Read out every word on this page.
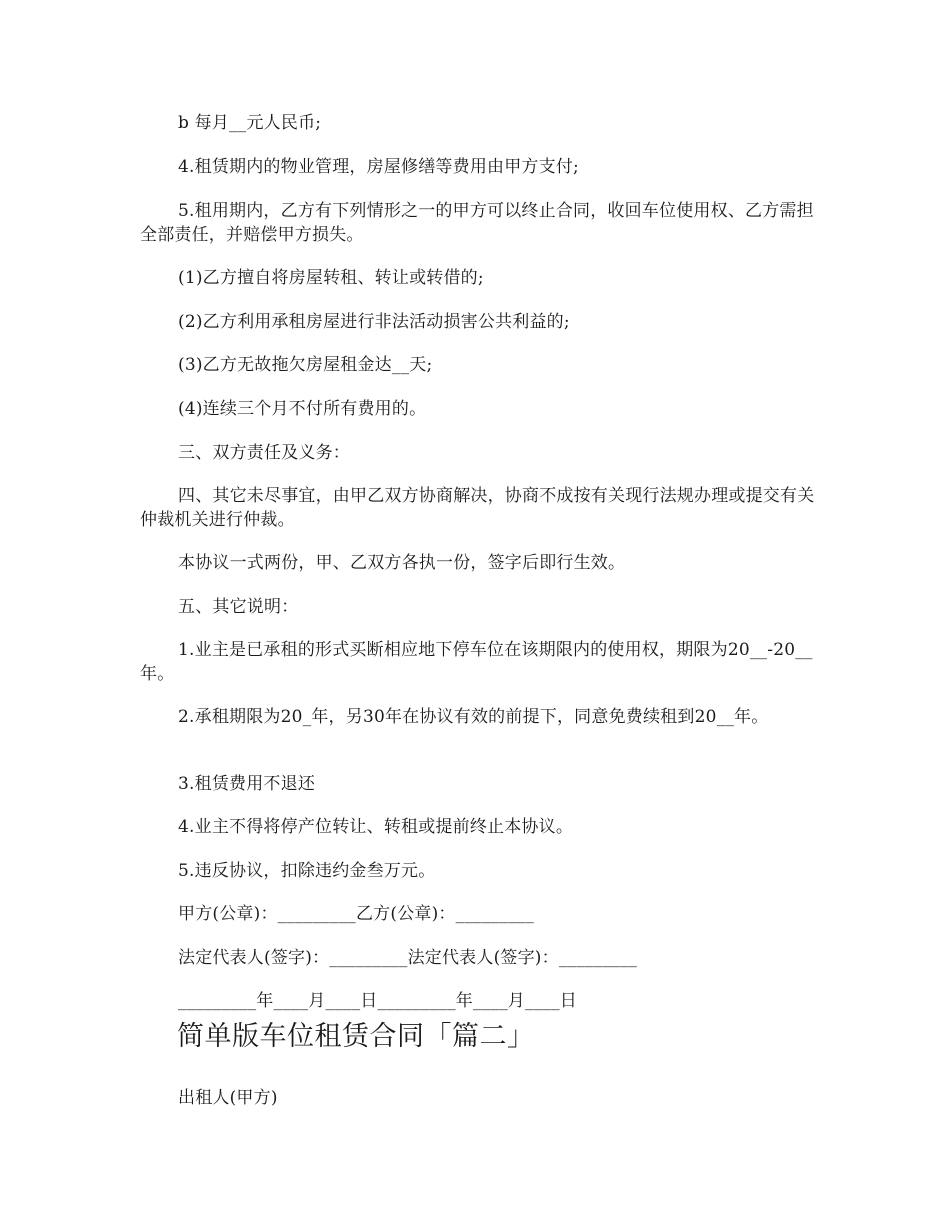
b 每月__元人民币;

4.租赁期内的物业管理，房屋修缮等费用由甲方支付;

5.租用期内，乙方有下列情形之一的甲方可以终止合同，收回车位使用权、乙方需担全部责任，并赔偿甲方损失。

(1)乙方擅自将房屋转租、转让或转借的;

(2)乙方利用承租房屋进行非法活动损害公共利益的;

(3)乙方无故拖欠房屋租金达__天;

(4)连续三个月不付所有费用的。

三、双方责任及义务：

四、其它未尽事宜，由甲乙双方协商解决，协商不成按有关现行法规办理或提交有关仲裁机关进行仲裁。

本协议一式两份，甲、乙双方各执一份，签字后即行生效。

五、其它说明：

1.业主是已承租的形式买断相应地下停车位在该期限内的使用权，期限为20__-20__年。

2.承租期限为20_年，另30年在协议有效的前提下，同意免费续租到20__年。

3.租赁费用不退还

4.业主不得将停产位转让、转租或提前终止本协议。

5.违反协议，扣除违约金叁万元。

甲方(公章)：_________乙方(公章)：_________

法定代表人(签字)：_________法定代表人(签字)：_________

_________年____月____日_________年____月____日

简单版车位租赁合同「篇二」

出租人(甲方)
